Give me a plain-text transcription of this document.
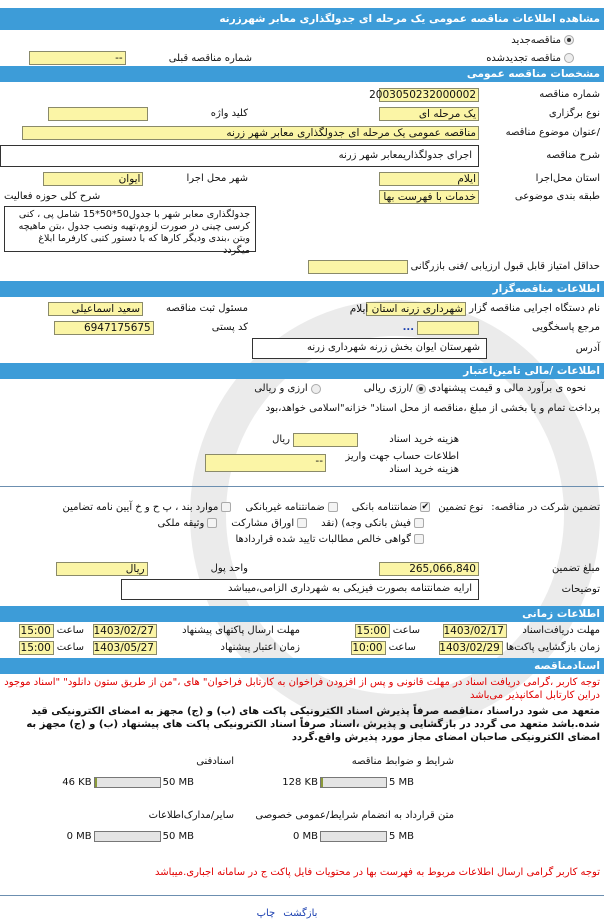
مشاهده اطلاعات مناقصه عمومی یک مرحله ای جدولگذاری معابر شهرزرنه
مناقصه‌جدید
مناقصه تجدیدشده
شماره مناقصه قبلی
--
مشخصات مناقصه عمومی
شماره مناقصه
2003050232000002
نوع برگزاری
یک مرحله ای
کلید واژه
/عنوان موضوع مناقصه
مناقصه عمومی یک مرحله ای جدولگذاری معابر شهر زرنه
شرح مناقصه
اجرای جدولگذاریمعابر شهر زرنه
استان محل‌اجرا
ایلام
شهر محل اجرا
ایوان
طبقه بندی موضوعی
خدمات با فهرست بها
شرح کلی حوزه فعالیت
جدولگذاری معابر شهر با جدول50*50*15 شامل پی ، کنی کرسی چینی در صورت لزوم،تهیه ونصب جدول ،بتن ماهیچه وبتن ،بندی ودیگر کارها که با دستور کتبی کارفرما ابلاغ میگردد
حداقل امتیاز قابل قبول ارزیابی /فنی بازرگانی
اطلاعات مناقصه‌گزار
نام دستگاه اجرایی مناقصه گزار
شهرداری زرنه استان ایلام
مسئول ثبت مناقصه
سعید اسماعیلی
مرجع پاسخگویی
...
کد پستی
6947175675
آدرس
شهرستان ایوان بخش زرنه شهرداری زرنه
اطلاعات /مالی تامین‌اعتبار
نحوه ی برآورد مالی و قیمت پیشنهادی
/ارزی ریالی
ارزی و ریالی
پرداخت تمام و یا بخشی از مبلغ ،مناقصه از محل اسناد" خزانه"اسلامی خواهد،بود
هزینه خرید اسناد
ریال
اطلاعات حساب جهت واریز هزینه خرید اسناد
--
تضمین شرکت در مناقصه:
نوع تضمین
✔
ضمانتنامه بانکی
ضمانتنامه غیربانکی
موارد بند ، پ ح و خ آیین نامه تضامین
فیش بانکی وجه) (نقد
اوراق مشارکت
وثیقه ملکی
گواهی خالص مطالبات تایید شده قراردادها
مبلغ تضمین
265,066,840
واحد پول
ریال
توضیحات
ارایه ضمانتنامه بصورت فیزیکی به شهرداری الزامی،میباشد
اطلاعات زمانی
مهلت دریافت‌اسناد
1403/02/17
ساعت
15:00
مهلت ارسال پاکتهای پیشنهاد
1403/02/27
ساعت
15:00
زمان بازگشایی پاکت‌ها
1403/02/29
ساعت
10:00
زمان اعتبار پیشنهاد
1403/05/27
ساعت
15:00
اسنادمناقصه
توجه کاربر ،گرامی دریافت اسناد در مهلت قانونی و پس از افزودن فراخوان به کارتابل فراخوان" های ،"من از طریق ستون دانلود" "اسناد موجود دراین کارتابل امکانپذیر می‌باشد
متعهد می شود دراسناد ،مناقصه صرفاً پذیرش اسناد الکترونیکی پاکت های (ب) و (ج) مجهز به امضای الکترونیکی قید شده.باشد متعهد می گردد در بازگشایی و پذیرش ،اسناد صرفاً اسناد الکترونیکی پاکت های پیشنهاد (ب) و (ج) مجهز به امضای الکترونیکی صاحبان امضای مجاز مورد پذیرش واقع.گردد
شرایط و ضوابط مناقصه
128 KB	5 MB
اسنادفنی
46 KB	50 MB
متن قرارداد به انضمام شرایط/عمومی خصوصی
0 MB	5 MB
سایر/مدارک‌اطلاعات
0 MB	50 MB
توجه کاربر گرامی ارسال اطلاعات مربوط به فهرست بها در محتویات فایل پاکت ج در سامانه اجباری.میباشد
بازگشت
چاپ
